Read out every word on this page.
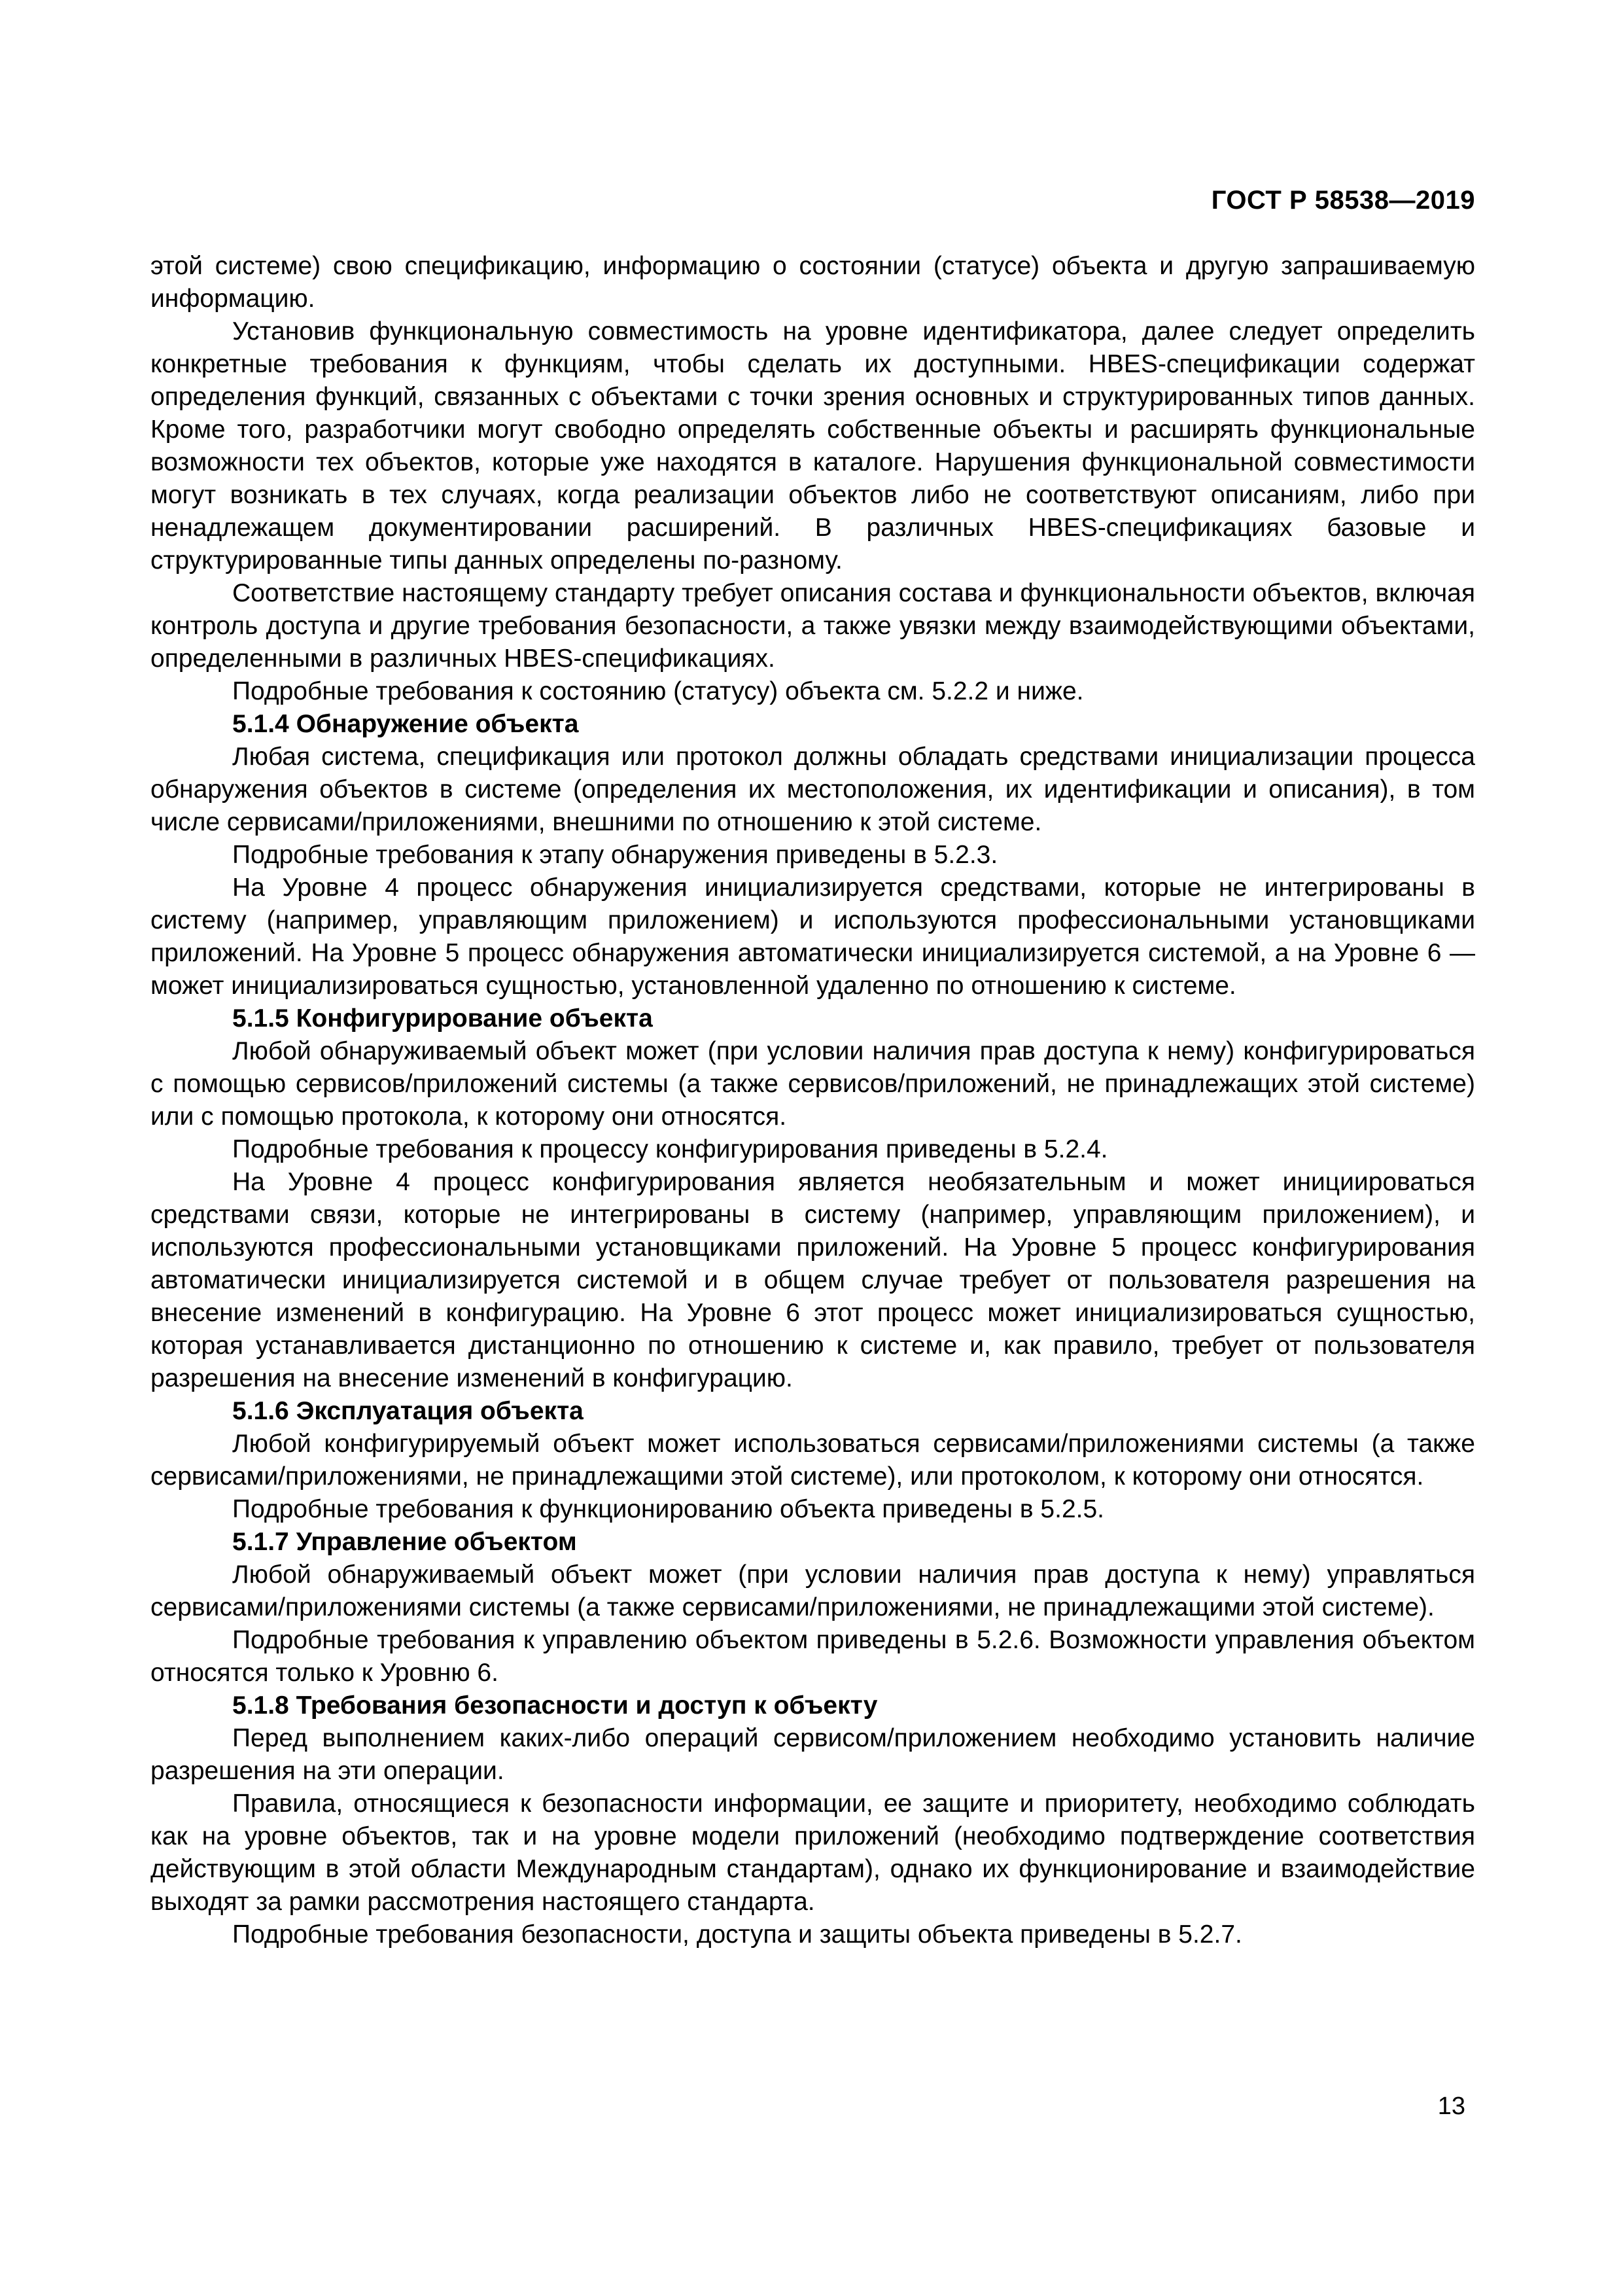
ГОСТ Р 58538—2019

этой системе) свою спецификацию, информацию о состоянии (статусе) объекта и другую запрашиваемую информацию.

Установив функциональную совместимость на уровне идентификатора, далее следует определить конкретные требования к функциям, чтобы сделать их доступными. HBES-спецификации содержат определения функций, связанных с объектами с точки зрения основных и структурированных типов данных. Кроме того, разработчики могут свободно определять собственные объекты и расширять функциональные возможности тех объектов, которые уже находятся в каталоге. Нарушения функциональной совместимости могут возникать в тех случаях, когда реализации объектов либо не соответствуют описаниям, либо при ненадлежащем документировании расширений. В различных HBES-спецификациях базовые и структурированные типы данных определены по-разному.

Соответствие настоящему стандарту требует описания состава и функциональности объектов, включая контроль доступа и другие требования безопасности, а также увязки между взаимодействующими объектами, определенными в различных HBES-спецификациях.

Подробные требования к состоянию (статусу) объекта см. 5.2.2 и ниже.

5.1.4 Обнаружение объекта

Любая система, спецификация или протокол должны обладать средствами инициализации процесса обнаружения объектов в системе (определения их местоположения, их идентификации и описания), в том числе сервисами/приложениями, внешними по отношению к этой системе.

Подробные требования к этапу обнаружения приведены в 5.2.3.

На Уровне 4 процесс обнаружения инициализируется средствами, которые не интегрированы в систему (например, управляющим приложением) и используются профессиональными установщиками приложений. На Уровне 5 процесс обнаружения автоматически инициализируется системой, а на Уровне 6 — может инициализироваться сущностью, установленной удаленно по отношению к системе.

5.1.5 Конфигурирование объекта

Любой обнаруживаемый объект может (при условии наличия прав доступа к нему) конфигурироваться с помощью сервисов/приложений системы (а также сервисов/приложений, не принадлежащих этой системе) или с помощью протокола, к которому они относятся.

Подробные требования к процессу конфигурирования приведены в 5.2.4.

На Уровне 4 процесс конфигурирования является необязательным и может инициироваться средствами связи, которые не интегрированы в систему (например, управляющим приложением), и используются профессиональными установщиками приложений. На Уровне 5 процесс конфигурирования автоматически инициализируется системой и в общем случае требует от пользователя разрешения на внесение изменений в конфигурацию. На Уровне 6 этот процесс может инициализироваться сущностью, которая устанавливается дистанционно по отношению к системе и, как правило, требует от пользователя разрешения на внесение изменений в конфигурацию.

5.1.6 Эксплуатация объекта

Любой конфигурируемый объект может использоваться сервисами/приложениями системы (а также сервисами/приложениями, не принадлежащими этой системе), или протоколом, к которому они относятся.

Подробные требования к функционированию объекта приведены в 5.2.5.

5.1.7 Управление объектом

Любой обнаруживаемый объект может (при условии наличия прав доступа к нему) управляться сервисами/приложениями системы (а также сервисами/приложениями, не принадлежащими этой системе).

Подробные требования к управлению объектом приведены в 5.2.6. Возможности управления объектом относятся только к Уровню 6.

5.1.8 Требования безопасности и доступ к объекту

Перед выполнением каких-либо операций сервисом/приложением необходимо установить наличие разрешения на эти операции.

Правила, относящиеся к безопасности информации, ее защите и приоритету, необходимо соблюдать как на уровне объектов, так и на уровне модели приложений (необходимо подтверждение соответствия действующим в этой области Международным стандартам), однако их функционирование и взаимодействие выходят за рамки рассмотрения настоящего стандарта.

Подробные требования безопасности, доступа и защиты объекта приведены в 5.2.7.

13
